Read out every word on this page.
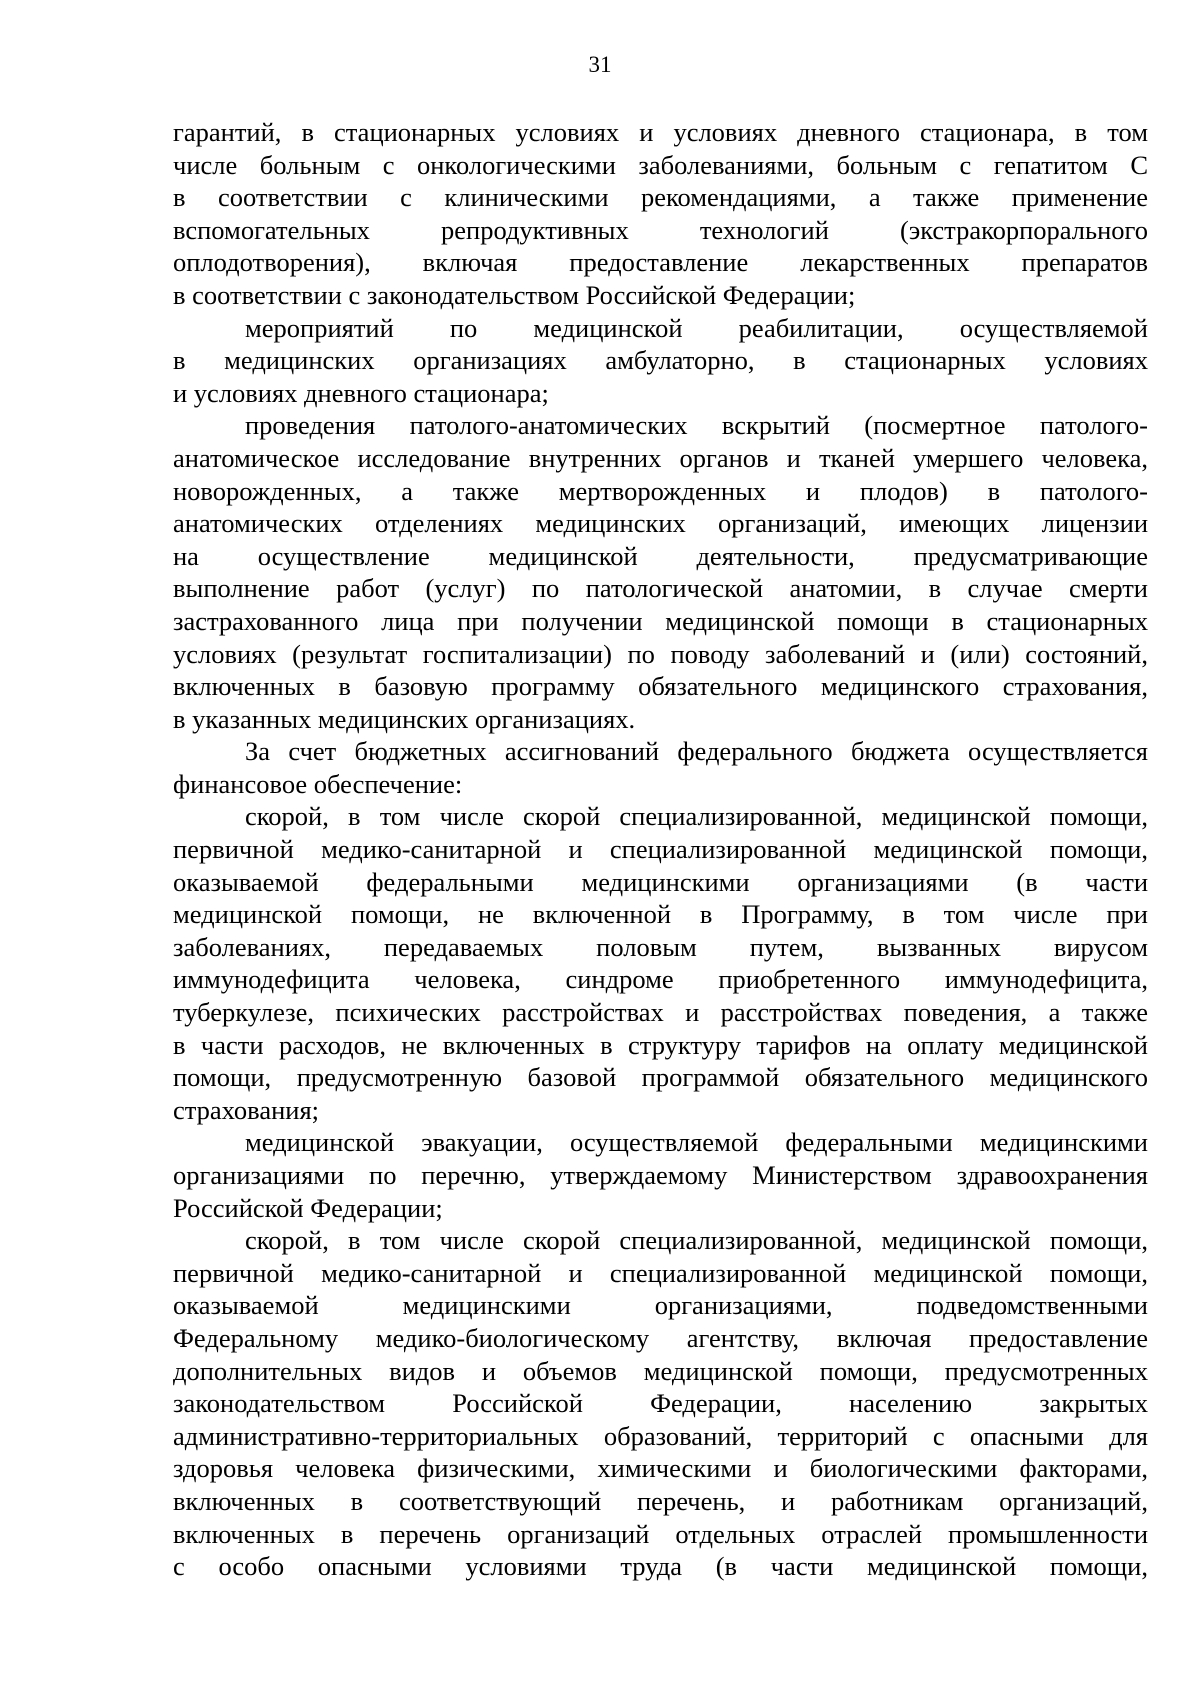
31

гарантий, в стационарных условиях и условиях дневного стационара, в том
числе больным с онкологическими заболеваниями, больным с гепатитом С
в соответствии с клиническими рекомендациями, а также применение
вспомогательных репродуктивных технологий (экстракорпорального
оплодотворения), включая предоставление лекарственных препаратов
в соответствии с законодательством Российской Федерации;

мероприятий по медицинской реабилитации, осуществляемой
в медицинских организациях амбулаторно, в стационарных условиях
и условиях дневного стационара;

проведения патолого-анатомических вскрытий (посмертное патолого-
анатомическое исследование внутренних органов и тканей умершего человека,
новорожденных, а также мертворожденных и плодов) в патолого-
анатомических отделениях медицинских организаций, имеющих лицензии
на осуществление медицинской деятельности, предусматривающие
выполнение работ (услуг) по патологической анатомии, в случае смерти
застрахованного лица при получении медицинской помощи в стационарных
условиях (результат госпитализации) по поводу заболеваний и (или) состояний,
включенных в базовую программу обязательного медицинского страхования,
в указанных медицинских организациях.

За счет бюджетных ассигнований федерального бюджета осуществляется
финансовое обеспечение:

скорой, в том числе скорой специализированной, медицинской помощи,
первичной медико-санитарной и специализированной медицинской помощи,
оказываемой федеральными медицинскими организациями (в части
медицинской помощи, не включенной в Программу, в том числе при
заболеваниях, передаваемых половым путем, вызванных вирусом
иммунодефицита человека, синдроме приобретенного иммунодефицита,
туберкулезе, психических расстройствах и расстройствах поведения, а также
в части расходов, не включенных в структуру тарифов на оплату медицинской
помощи, предусмотренную базовой программой обязательного медицинского
страхования;

медицинской эвакуации, осуществляемой федеральными медицинскими
организациями по перечню, утверждаемому Министерством здравоохранения
Российской Федерации;

скорой, в том числе скорой специализированной, медицинской помощи,
первичной медико-санитарной и специализированной медицинской помощи,
оказываемой медицинскими организациями, подведомственными
Федеральному медико-биологическому агентству, включая предоставление
дополнительных видов и объемов медицинской помощи, предусмотренных
законодательством Российской Федерации, населению закрытых
административно-территориальных образований, территорий с опасными для
здоровья человека физическими, химическими и биологическими факторами,
включенных в соответствующий перечень, и работникам организаций,
включенных в перечень организаций отдельных отраслей промышленности
с особо опасными условиями труда (в части медицинской помощи,
